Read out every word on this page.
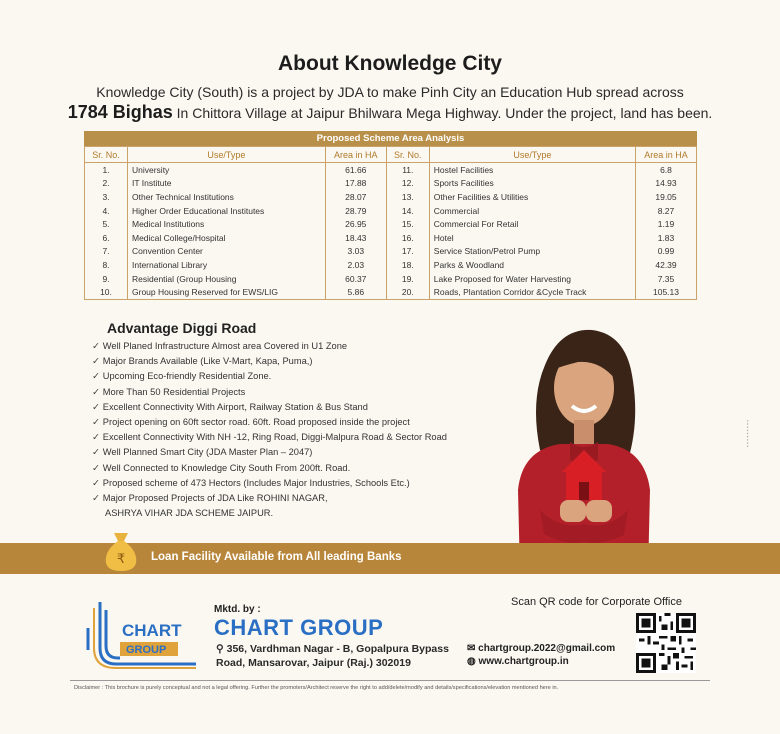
About Knowledge City
Knowledge City (South) is a project by JDA to make Pinh City an Education Hub spread across
1784 Bighas In Chittora Village at Jaipur Bhilwara Mega Highway. Under the project, land has been.
Proposed Scheme Area Analysis
Sr. No.	Use/Type	Area in HA	Sr. No.	Use/Type	Area in HA
1.	University	61.66	11.	Hostel Facilities	6.8
2.	IT Institute	17.88	12.	Sports Facilities	14.93
3.	Other Technical Institutions	28.07	13.	Other Facilities & Utilities	19.05
4.	Higher Order Educational Institutes	28.79	14.	Commercial	8.27
5.	Medical Institutions	26.95	15.	Commercial For Retail	1.19
6.	Medical College/Hospital	18.43	16.	Hotel	1.83
7.	Convention Center	3.03	17.	Service Station/Petrol Pump	0.99
8.	International Library	2.03	18.	Parks & Woodland	42.39
9.	Residential (Group Housing	60.37	19.	Lake Proposed for Water Harvesting	7.35
10.	Group Housing Reserved for EWS/LIG	5.86	20.	Roads, Plantation Corridor &Cycle Track	105.13
Advantage Diggi Road
✓ Well Planed Infrastructure Almost area Covered in U1 Zone
✓ Major Brands Available (Like V-Mart, Kapa, Puma,)
✓ Upcoming Eco-friendly Residential Zone.
✓ More Than 50 Residential Projects
✓ Excellent Connectivity With Airport, Railway Station & Bus Stand
✓ Project opening on 60ft sector road. 60ft. Road proposed inside the project
✓ Excellent Connectivity With NH -12, Ring Road, Diggi-Malpura Road & Sector Road
✓ Well Planned Smart City (JDA Master Plan – 2047)
✓ Well Connected to Knowledge City South From 200ft. Road.
✓ Proposed scheme of 473 Hectors (Includes Major Industries, Schools Etc.)
✓ Major Proposed Projects of JDA Like ROHINI NAGAR,
ASHRYA VIHAR JDA SCHEME JAIPUR.
▪ ▪ ▪ ▪ ▪ ▪ ▪ ▪ ▪
₹ Loan Facility Available from All leading Banks
CHART
GROUP
Mktd. by :
CHART GROUP
⚲ 356, Vardhman Nagar - B, Gopalpura Bypass
Road, Mansarovar, Jaipur (Raj.) 302019
Scan QR code for Corporate Office
✉ chartgroup.2022@gmail.com
◍ www.chartgroup.in
Disclaimer : This brochure is purely conceptual and not a legal offering. Further the promoters/Architect reserve the right to add/delete/modify and details/specifications/elevation mentioned here in.
